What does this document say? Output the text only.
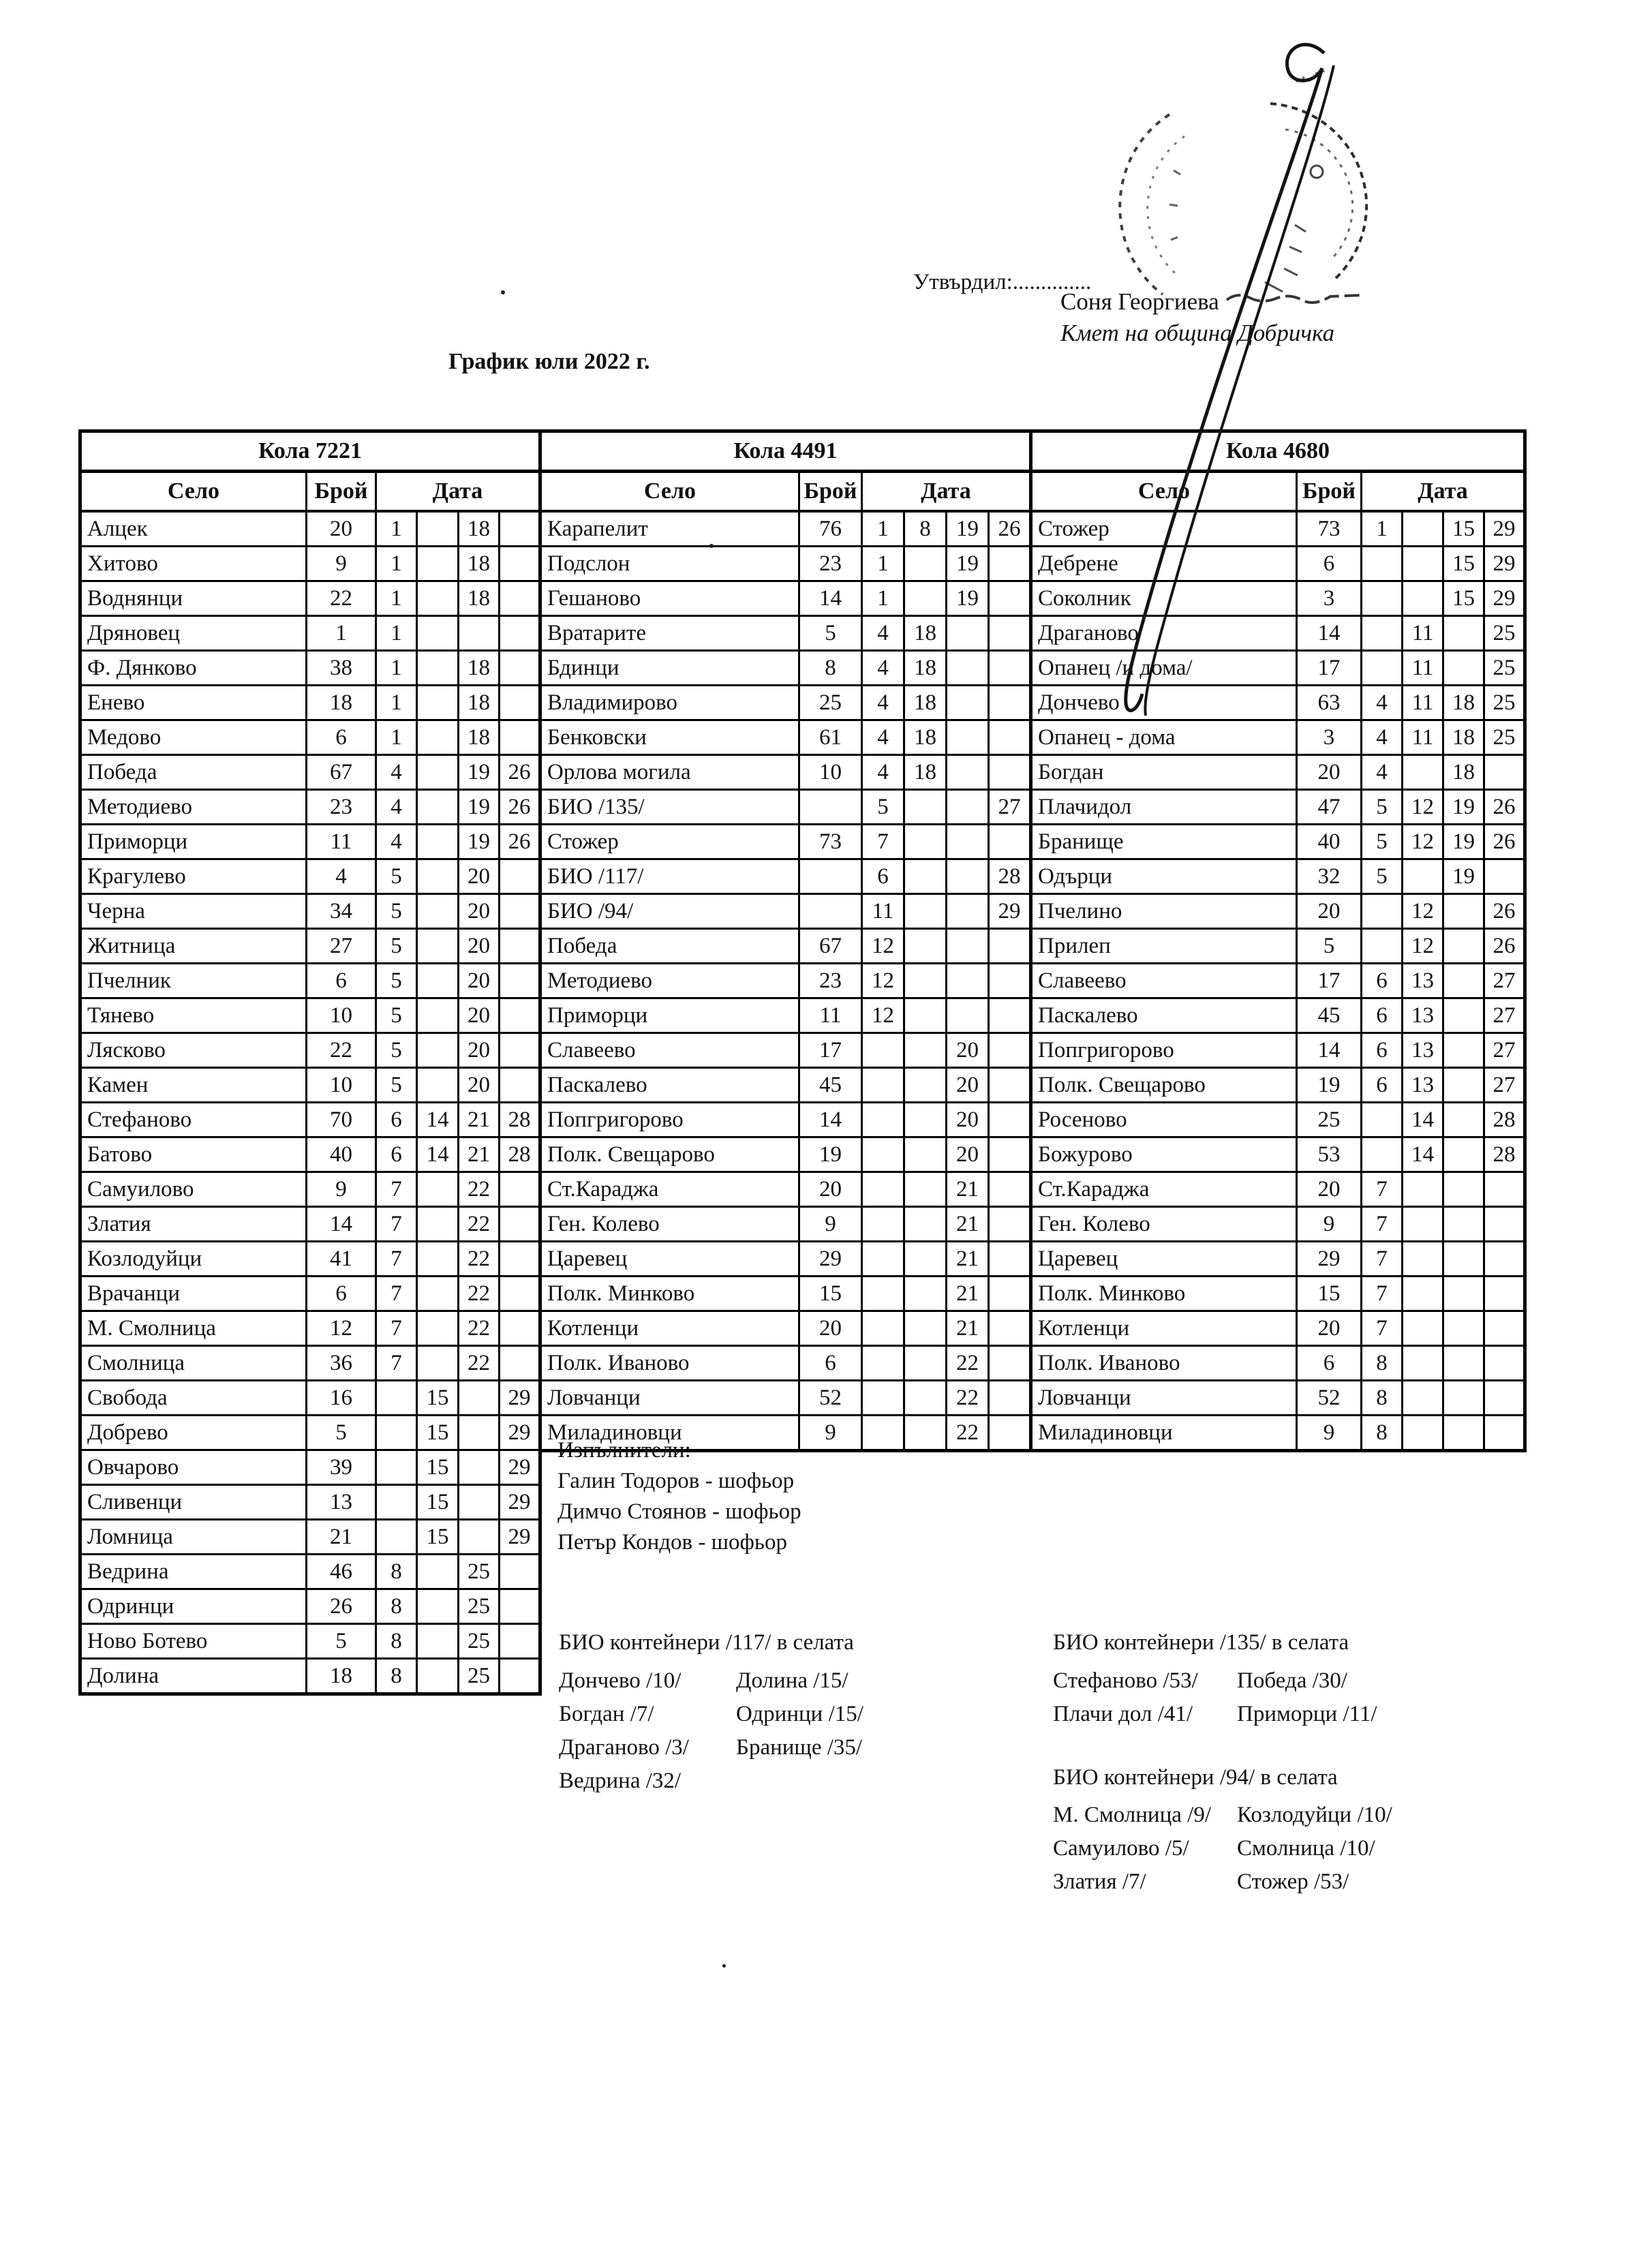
Утвърдил:..............
Соня Георгиева
Кмет на община Добричка
График юли 2022 г.
Кола 7221					
Село	Брой	Дата			
Алцек	20	1		18	
Хитово	9	1		18	
Воднянци	22	1		18	
Дряновец	1	1			
Ф. Дянково	38	1		18	
Енево	18	1		18	
Медово	6	1		18	
Победа	67	4		19	26
Методиево	23	4		19	26
Приморци	11	4		19	26
Крагулево	4	5		20	
Черна	34	5		20	
Житница	27	5		20	
Пчелник	6	5		20	
Тянево	10	5		20	
Лясково	22	5		20	
Камен	10	5		20	
Стефаново	70	6	14	21	28
Батово	40	6	14	21	28
Самуилово	9	7		22	
Златия	14	7		22	
Козлодуйци	41	7		22	
Врачанци	6	7		22	
М. Смолница	12	7		22	
Смолница	36	7		22	
Свобода	16		15		29
Добрево	5		15		29
Овчарово	39		15		29
Сливенци	13		15		29
Ломница	21		15		29
Ведрина	46	8		25	
Одринци	26	8		25	
Ново Ботево	5	8		25	
Долина	18	8		25	
Кола 4491					
Село	Брой	Дата			
Карапелит	76	1	8	19	26
Подслон	23	1		19	
Гешаново	14	1		19	
Вратарите	5	4	18		
Бдинци	8	4	18		
Владимирово	25	4	18		
Бенковски	61	4	18		
Орлова могила	10	4	18		
БИО /135/		5			27
Стожер	73	7			
БИО /117/		6			28
БИО /94/		11			29
Победа	67	12			
Методиево	23	12			
Приморци	11	12			
Славеево	17			20	
Паскалево	45			20	
Попгригорово	14			20	
Полк. Свещарово	19			20	
Ст.Караджа	20			21	
Ген. Колево	9			21	
Царевец	29			21	
Полк. Минково	15			21	
Котленци	20			21	
Полк. Иваново	6			22	
Ловчанци	52			22	
Миладиновци	9			22	
Кола 4680					
Село	Брой	Дата			
Стожер	73	1		15	29
Дебрене	6			15	29
Соколник	3			15	29
Драганово	14		11		25
Опанец /и дома/	17		11		25
Дончево	63	4	11	18	25
Опанец - дома	3	4	11	18	25
Богдан	20	4		18	
Плачидол	47	5	12	19	26
Бранище	40	5	12	19	26
Одърци	32	5		19	
Пчелино	20		12		26
Прилеп	5		12		26
Славеево	17	6	13		27
Паскалево	45	6	13		27
Попгригорово	14	6	13		27
Полк. Свещарово	19	6	13		27
Росеново	25		14		28
Божурово	53		14		28
Ст.Караджа	20	7			
Ген. Колево	9	7			
Царевец	29	7			
Полк. Минково	15	7			
Котленци	20	7			
Полк. Иваново	6	8			
Ловчанци	52	8			
Миладиновци	9	8			
Изпълнители:
Галин Тодоров - шофьор
Димчо Стоянов - шофьор
Петър Кондов - шофьор
БИО контейнери /117/ в селата
Дончево /10/
Богдан /7/
Драганово /3/
Ведрина /32/
Долина /15/
Одринци /15/
Бранище /35/
БИО контейнери /135/ в селата
Стефаново /53/
Плачи дол /41/
Победа /30/
Приморци /11/
БИО контейнери /94/ в селата
М. Смолница /9/
Самуилово /5/
Златия /7/
Козлодуйци /10/
Смолница /10/
Стожер /53/
